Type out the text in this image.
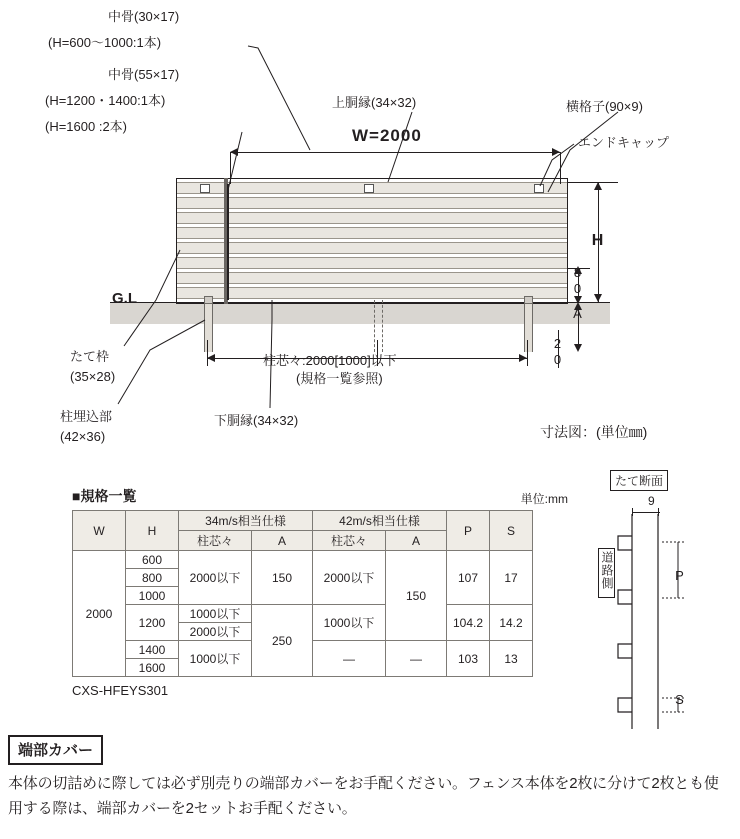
W=2000
H
80
A
20
G.L
柱芯々:2000[1000]以下
(規格一覧参照)
中骨(30×17)
(H=600〜1000:1本)
中骨(55×17)
(H=1200・1400:1本)
(H=1600 :2本)
上胴縁(34×32)	横格子(90×9)
エンドキャップ
たて枠
(35×28)
柱埋込部
(42×36)
下胴縁(34×32)
寸法図：(単位㎜)
■規格一覧	単位:mm
W	H	34m/s相当仕様		42m/s相当仕様		P	S
		柱芯々	A	柱芯々	A		
2000	600	2000以下	150	2000以下	150	107	17
	800						
	1000						
	1200	1000以下	250	1000以下		104.2	14.2
		2000以下					
	1400	1000以下		—	—	103	13
	1600						
CXS-HFEYS301
たて断面
9
P
S
道路側
端部カバー
本体の切詰めに際しては必ず別売りの端部カバーをお手配ください。フェンス本体を2枚に分けて2枚とも使用する際は、端部カバーを2セットお手配ください。
